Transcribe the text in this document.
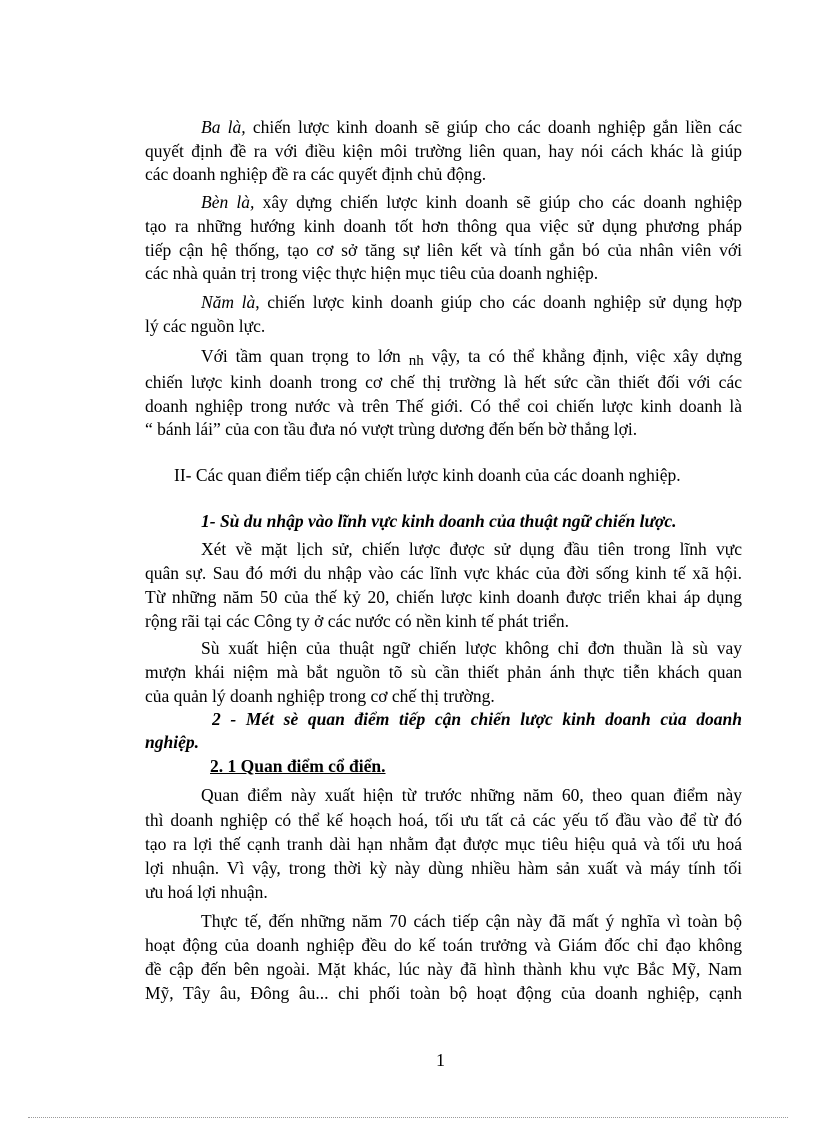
Ba là, chiến lược kinh doanh sẽ giúp cho các doanh nghiệp gắn liền các
quyết định đề ra với điều kiện môi trường liên quan, hay nói cách khác là giúp
các doanh nghiệp đề ra các quyết định chủ động.
Bèn là, xây dựng chiến lược kinh doanh sẽ giúp cho các doanh nghiệp
tạo ra những hướng kinh doanh tốt hơn thông qua việc sử dụng phương pháp
tiếp cận hệ thống, tạo cơ sở tăng sự liên kết và tính gắn bó của nhân viên với
các nhà quản trị trong việc thực hiện mục tiêu của doanh nghiệp.
Năm là, chiến lược kinh doanh giúp cho các doanh nghiệp sử dụng hợp
lý các nguồn lực.
Với tầm quan trọng to lớn nh vậy, ta có thể khẳng định, việc xây dựng
chiến lược kinh doanh trong cơ chế thị trường là hết sức cần thiết đối với các
doanh nghiệp trong nước và trên Thế giới. Có thể coi chiến lược kinh doanh là
“ bánh lái” của con tầu đưa nó vượt trùng dương đến bến bờ thắng lợi.
II- Các quan điểm tiếp cận chiến lược kinh doanh của các doanh nghiệp.
1- Sù du nhập vào lĩnh vực kinh doanh của thuật ngữ chiến lược.
Xét về mặt lịch sử, chiến lược được sử dụng đầu tiên trong lĩnh vực
quân sự. Sau đó mới du nhập vào các lĩnh vực khác của đời sống kinh tế xã hội.
Từ những năm 50 của thế kỷ 20, chiến lược kinh doanh được triển khai áp dụng
rộng rãi tại các Công ty ở các nước có nền kinh tế phát triển.
Sù xuất hiện của thuật ngữ chiến lược không chỉ đơn thuần là sù vay
mượn khái niệm mà bắt nguồn tõ sù cần thiết phản ánh thực tiễn khách quan
của quản lý doanh nghiệp trong cơ chế thị trường.
2 - Mét sè quan điểm tiếp cận chiến lược kinh doanh của doanh
nghiệp.
2. 1 Quan điểm cổ điển.
Quan điểm này xuất hiện từ trước những năm 60, theo quan điểm này
thì doanh nghiệp có thể kế hoạch hoá, tối ưu tất cả các yếu tố đầu vào để từ đó
tạo ra lợi thế cạnh tranh dài hạn nhằm đạt được mục tiêu hiệu quả và tối ưu hoá
lợi nhuận. Vì vậy, trong thời kỳ này dùng nhiều hàm sản xuất và máy tính tối
ưu hoá lợi nhuận.
Thực tế, đến những năm 70 cách tiếp cận này đã mất ý nghĩa vì toàn bộ
hoạt động của doanh nghiệp đều do kế toán trưởng và Giám đốc chỉ đạo không
đề cập đến bên ngoài. Mặt khác, lúc này đã hình thành khu vực Bắc Mỹ, Nam
Mỹ, Tây âu, Đông âu... chi phối toàn bộ hoạt động của doanh nghiệp, cạnh
1
